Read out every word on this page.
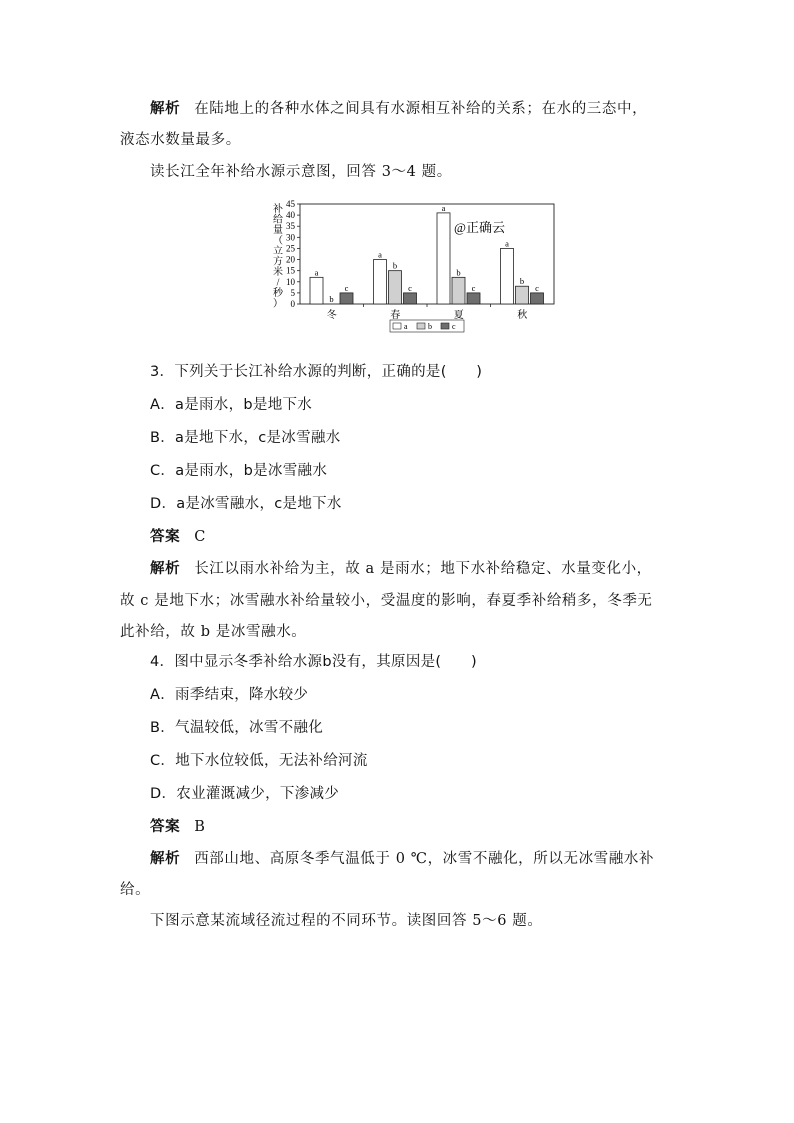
解析 在陆地上的各种水体之间具有水源相互补给的关系；在水的三态中，
液态水数量最多。
读长江全年补给水源示意图，回答 3～4 题。
0
5
10
15
20
25
30
35
40
45
补
给
量
（
立
方
米
/
秒
）
冬	春	夏	秋
a
b
c
a
b
c
a
b
c
a
b
c
@正确云
a	b	c
3．下列关于长江补给水源的判断，正确的是(　　)
A．a是雨水，b是地下水
B．a是地下水，c是冰雪融水
C．a是雨水，b是冰雪融水
D．a是冰雪融水，c是地下水
答案 C
解析 长江以雨水补给为主，故 a 是雨水；地下水补给稳定、水量变化小，
故 c 是地下水；冰雪融水补给量较小，受温度的影响，春夏季补给稍多，冬季无
此补给，故 b 是冰雪融水。
4．图中显示冬季补给水源b没有，其原因是(　　)
A．雨季结束，降水较少
B．气温较低，冰雪不融化
C．地下水位较低，无法补给河流
D．农业灌溉减少，下渗减少
答案 B
解析 西部山地、高原冬季气温低于 0 ℃，冰雪不融化，所以无冰雪融水补
给。
下图示意某流域径流过程的不同环节。读图回答 5～6 题。
